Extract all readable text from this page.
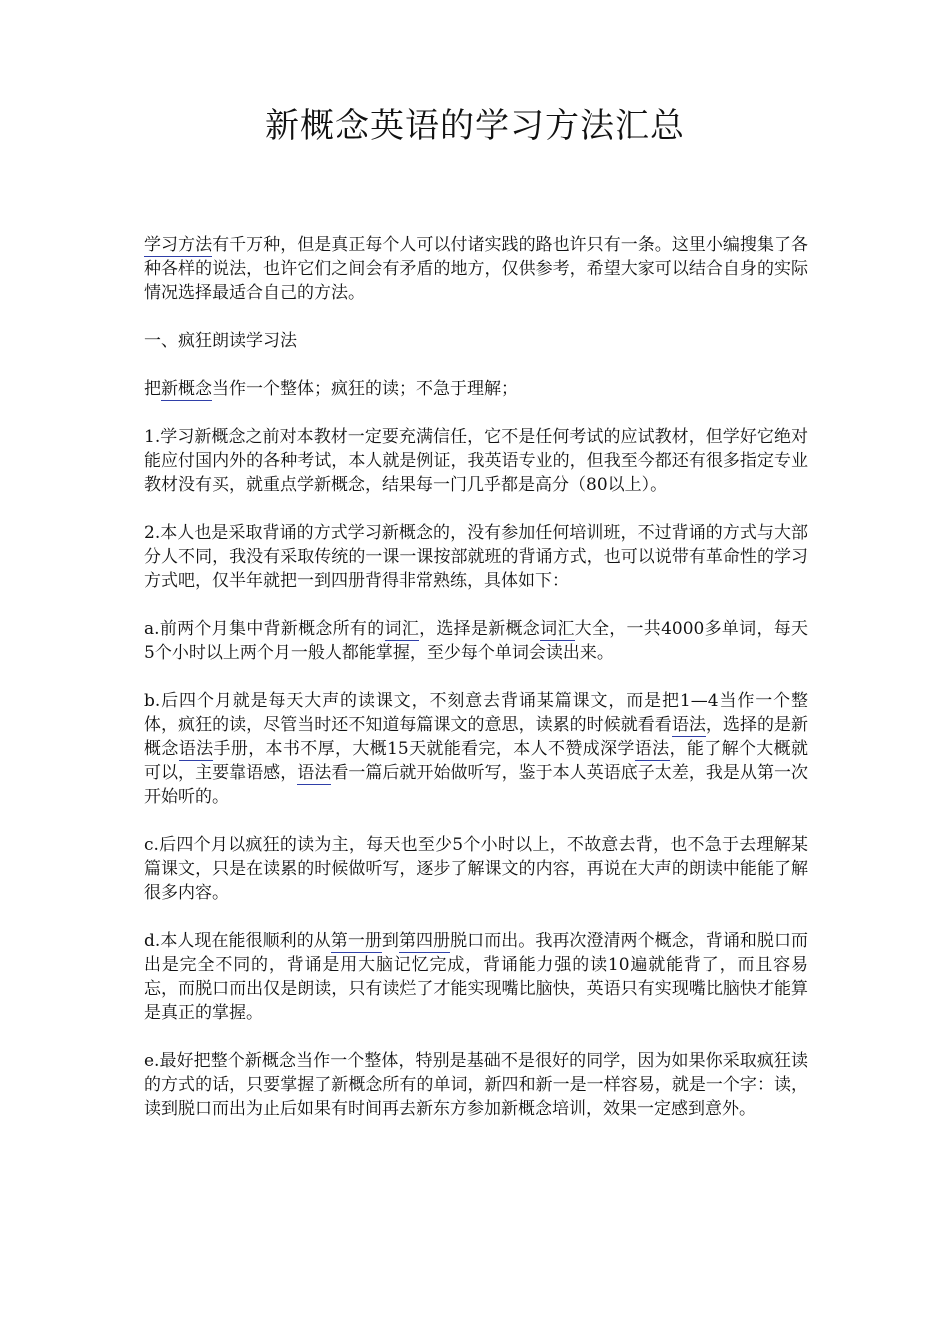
新概念英语的学习方法汇总

学习方法有千万种，但是真正每个人可以付诸实践的路也许只有一条。这里小编搜集了各种各样的说法，也许它们之间会有矛盾的地方，仅供参考，希望大家可以结合自身的实际情况选择最适合自己的方法。

一、疯狂朗读学习法

把新概念当作一个整体；疯狂的读；不急于理解；

1.学习新概念之前对本教材一定要充满信任，它不是任何考试的应试教材，但学好它绝对能应付国内外的各种考试，本人就是例证，我英语专业的，但我至今都还有很多指定专业教材没有买，就重点学新概念，结果每一门几乎都是高分（80以上）。

2.本人也是采取背诵的方式学习新概念的，没有参加任何培训班，不过背诵的方式与大部分人不同，我没有采取传统的一课一课按部就班的背诵方式，也可以说带有革命性的学习方式吧，仅半年就把一到四册背得非常熟练，具体如下：

a.前两个月集中背新概念所有的词汇，选择是新概念词汇大全，一共4000多单词，每天5个小时以上两个月一般人都能掌握，至少每个单词会读出来。

b.后四个月就是每天大声的读课文，不刻意去背诵某篇课文，而是把1—4当作一个整体，疯狂的读，尽管当时还不知道每篇课文的意思，读累的时候就看看语法，选择的是新概念语法手册，本书不厚，大概15天就能看完，本人不赞成深学语法，能了解个大概就可以，主要靠语感，语法看一篇后就开始做听写，鉴于本人英语底子太差，我是从第一次开始听的。

c.后四个月以疯狂的读为主，每天也至少5个小时以上，不故意去背，也不急于去理解某篇课文，只是在读累的时候做听写，逐步了解课文的内容，再说在大声的朗读中能能了解很多内容。

d.本人现在能很顺利的从第一册到第四册脱口而出。我再次澄清两个概念，背诵和脱口而出是完全不同的，背诵是用大脑记忆完成，背诵能力强的读10遍就能背了，而且容易忘，而脱口而出仅是朗读，只有读烂了才能实现嘴比脑快，英语只有实现嘴比脑快才能算是真正的掌握。

e.最好把整个新概念当作一个整体，特别是基础不是很好的同学，因为如果你采取疯狂读的方式的话，只要掌握了新概念所有的单词，新四和新一是一样容易，就是一个字：读，读到脱口而出为止后如果有时间再去新东方参加新概念培训，效果一定感到意外。
